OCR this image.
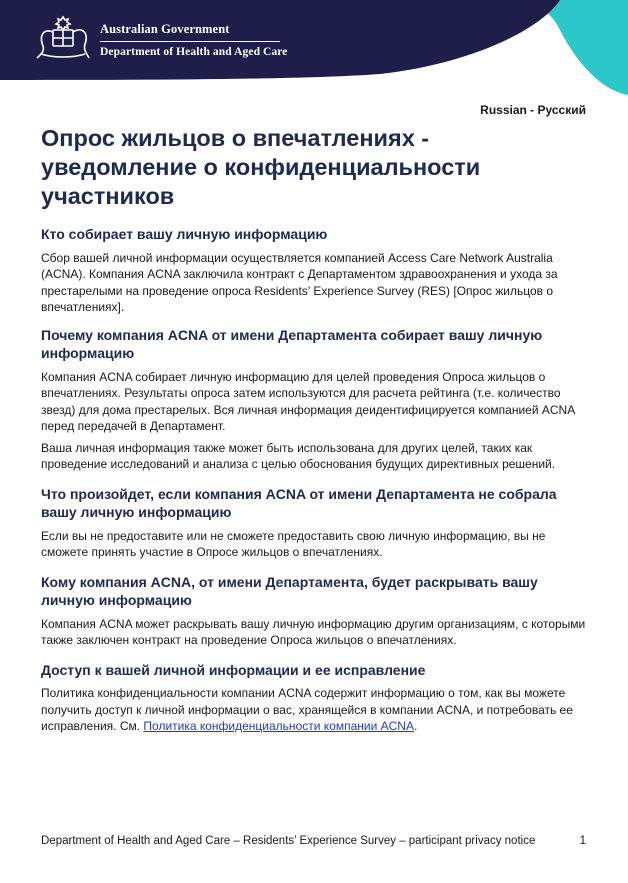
Australian Government
Department of Health and Aged Care
Russian - Русский
Опрос жильцов о впечатлениях - уведомление о конфиденциальности участников
Кто собирает вашу личную информацию

Сбор вашей личной информации осуществляется компанией Access Care Network Australia (ACNA). Компания ACNA заключила контракт с Департаментом здравоохранения и ухода за престарелыми на проведение опроса Residents’ Experience Survey (RES) [Опрос жильцов о впечатлениях].

Почему компания ACNA от имени Департамента собирает вашу личную информацию

Компания ACNA собирает личную информацию для целей проведения Опроса жильцов о впечатлениях. Результаты опроса затем используются для расчета рейтинга (т.е. количество звезд) для дома престарелых. Вся личная информация деидентифицируется компанией ACNA перед передачей в Департамент.

Ваша личная информация также может быть использована для других целей, таких как проведение исследований и анализа с целью обоснования будущих директивных решений.

Что произойдет, если компания ACNA от имени Департамента не собрала вашу личную информацию

Если вы не предоставите или не сможете предоставить свою личную информацию, вы не сможете принять участие в Опросе жильцов о впечатлениях.

Кому компания ACNA, от имени Департамента, будет раскрывать вашу личную информацию

Компания ACNA может раскрывать вашу личную информацию другим организациям, с которыми также заключен контракт на проведение Опроса жильцов о впечатлениях.

Доступ к вашей личной информации и ее исправление

Политика конфиденциальности компании ACNA содержит информацию о том, как вы можете получить доступ к личной информации о вас, хранящейся в компании ACNA, и потребовать ее исправления. См. Политика конфиденциальности компании ACNA.

Department of Health and Aged Care – Residents’ Experience Survey – participant privacy notice	1
